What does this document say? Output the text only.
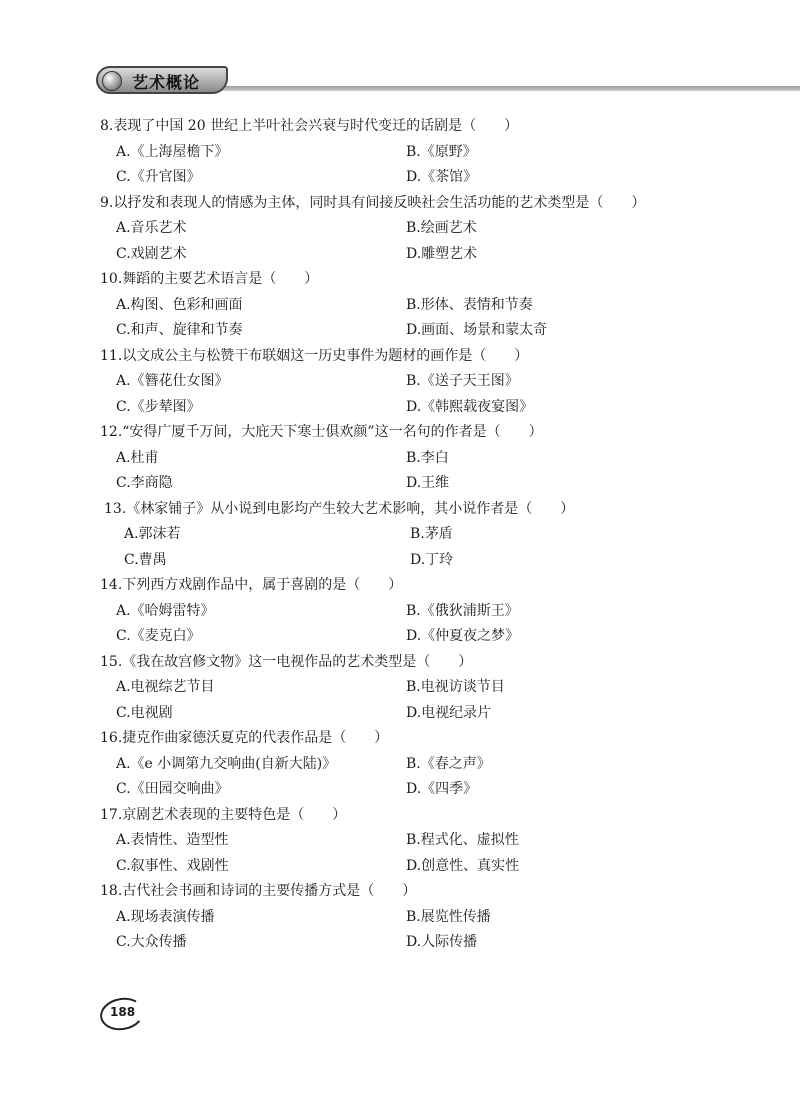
艺术概论
8.表现了中国 20 世纪上半叶社会兴衰与时代变迁的话剧是（　　）
A.《上海屋檐下》	B.《原野》
C.《升官图》	D.《茶馆》
9.以抒发和表现人的情感为主体，同时具有间接反映社会生活功能的艺术类型是（　　）
A.音乐艺术	B.绘画艺术
C.戏剧艺术	D.雕塑艺术
10.舞蹈的主要艺术语言是（　　）
A.构图、色彩和画面	B.形体、表情和节奏
C.和声、旋律和节奏	D.画面、场景和蒙太奇
11.以文成公主与松赞干布联姻这一历史事件为题材的画作是（　　）
A.《簪花仕女图》	B.《送子天王图》
C.《步辇图》	D.《韩熙载夜宴图》
12.“安得广厦千万间，大庇天下寒士俱欢颜”这一名句的作者是（　　）
A.杜甫	B.李白
C.李商隐	D.王维
13.《林家铺子》从小说到电影均产生较大艺术影响，其小说作者是（　　）
A.郭沫若	B.茅盾
C.曹禺	D.丁玲
14.下列西方戏剧作品中，属于喜剧的是（　　）
A.《哈姆雷特》	B.《俄狄浦斯王》
C.《麦克白》	D.《仲夏夜之梦》
15.《我在故宫修文物》这一电视作品的艺术类型是（　　）
A.电视综艺节目	B.电视访谈节目
C.电视剧	D.电视纪录片
16.捷克作曲家德沃夏克的代表作品是（　　）
A.《e 小调第九交响曲(自新大陆)》	B.《春之声》
C.《田园交响曲》	D.《四季》
17.京剧艺术表现的主要特色是（　　）
A.表情性、造型性	B.程式化、虚拟性
C.叙事性、戏剧性	D.创意性、真实性
18.古代社会书画和诗词的主要传播方式是（　　）
A.现场表演传播	B.展览性传播
C.大众传播	D.人际传播
188
